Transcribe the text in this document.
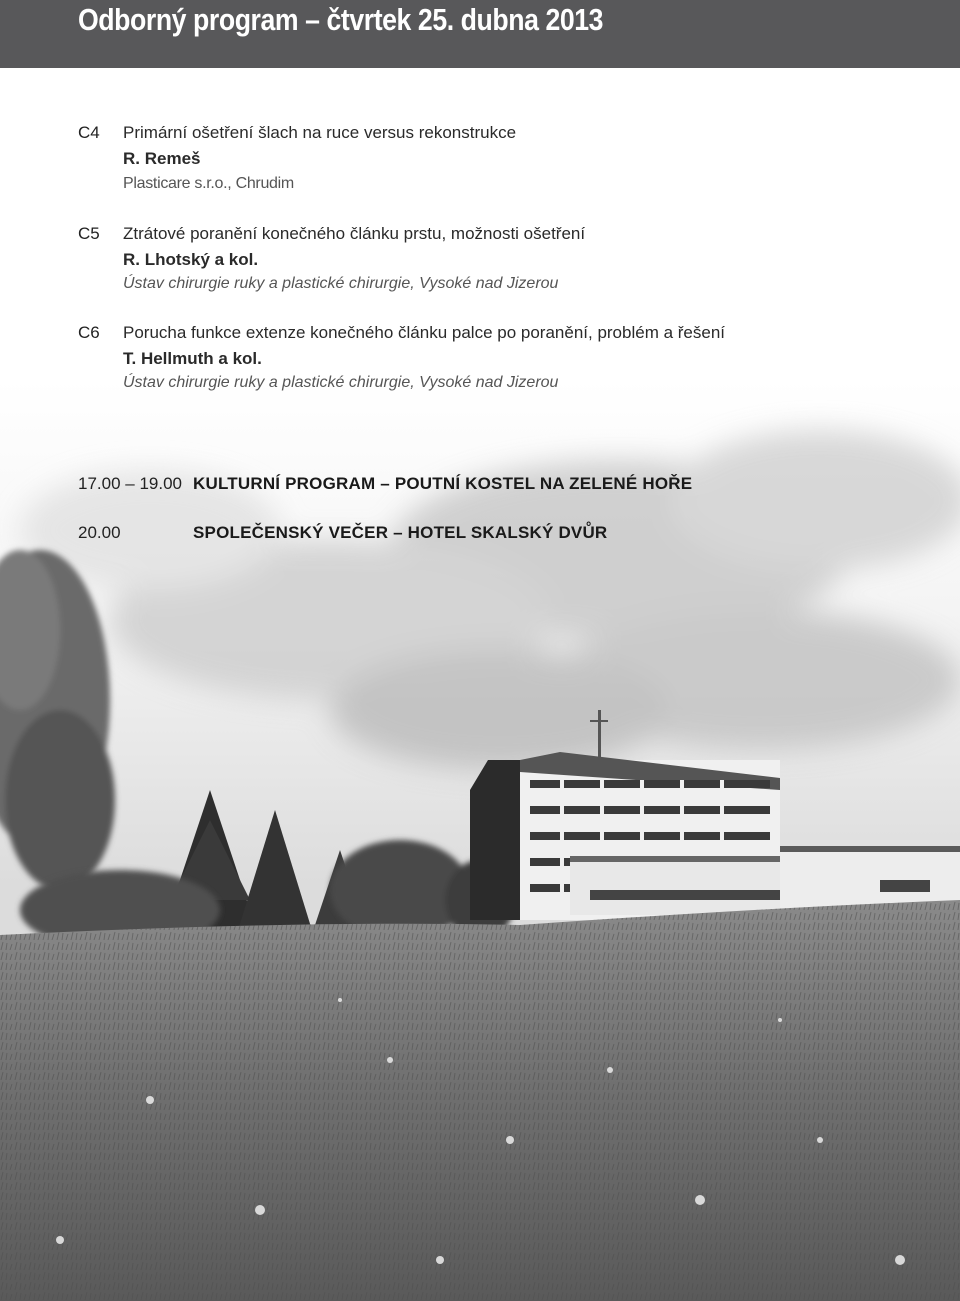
Odborný program – čtvrtek 25. dubna 2013
C4 Primární ošetření šlach na ruce versus rekonstrukce
R. Remeš
Plasticare s.r.o., Chrudim
C5 Ztrátové poranění konečného článku prstu, možnosti ošetření
R. Lhotský a kol.
Ústav chirurgie ruky a plastické chirurgie, Vysoké nad Jizerou
C6 Porucha funkce extenze konečného článku palce po poranění, problém a řešení
T. Hellmuth a kol.
Ústav chirurgie ruky a plastické chirurgie, Vysoké nad Jizerou
17.00 – 19.00 KULTURNÍ PROGRAM – POUTNÍ KOSTEL NA ZELENÉ HOŘE
20.00	SPOLEČENSKÝ VEČER – HOTEL SKALSKÝ DVŮR
